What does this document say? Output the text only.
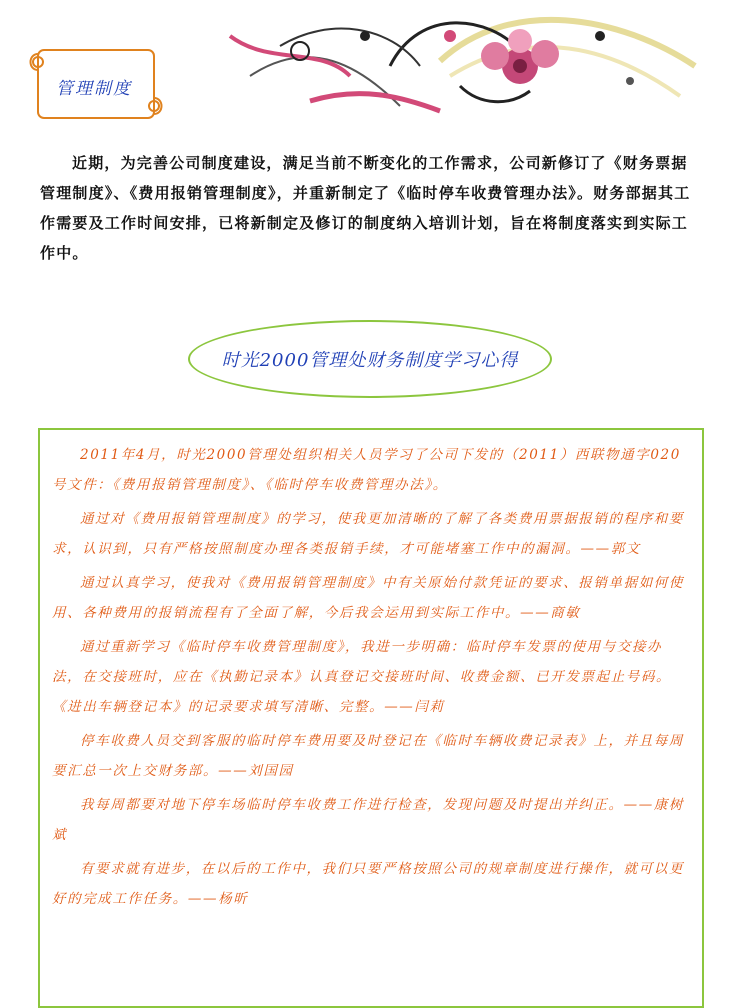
管理制度
近期，为完善公司制度建设，满足当前不断变化的工作需求，公司新修订了《财务票据管理制度》、《费用报销管理制度》，并重新制定了《临时停车收费管理办法》。财务部据其工作需要及工作时间安排，已将新制定及修订的制度纳入培训计划，旨在将制度落实到实际工作中。
时光2000管理处财务制度学习心得

2011年4月，时光2000管理处组织相关人员学习了公司下发的（2011）西联物通字020号文件：《费用报销管理制度》、《临时停车收费管理办法》。

通过对《费用报销管理制度》的学习，使我更加清晰的了解了各类费用票据报销的程序和要求，认识到，只有严格按照制度办理各类报销手续，才可能堵塞工作中的漏洞。——郭文

通过认真学习，使我对《费用报销管理制度》中有关原始付款凭证的要求、报销单据如何使用、各种费用的报销流程有了全面了解，今后我会运用到实际工作中。——商敏

通过重新学习《临时停车收费管理制度》，我进一步明确：临时停车发票的使用与交接办法，在交接班时，应在《执勤记录本》认真登记交接班时间、收费金额、已开发票起止号码。《进出车辆登记本》的记录要求填写清晰、完整。——闫莉

停车收费人员交到客服的临时停车费用要及时登记在《临时车辆收费记录表》上，并且每周要汇总一次上交财务部。——刘国园

我每周都要对地下停车场临时停车收费工作进行检查，发现问题及时提出并纠正。——康树斌

有要求就有进步，在以后的工作中，我们只要严格按照公司的规章制度进行操作，就可以更好的完成工作任务。——杨昕
